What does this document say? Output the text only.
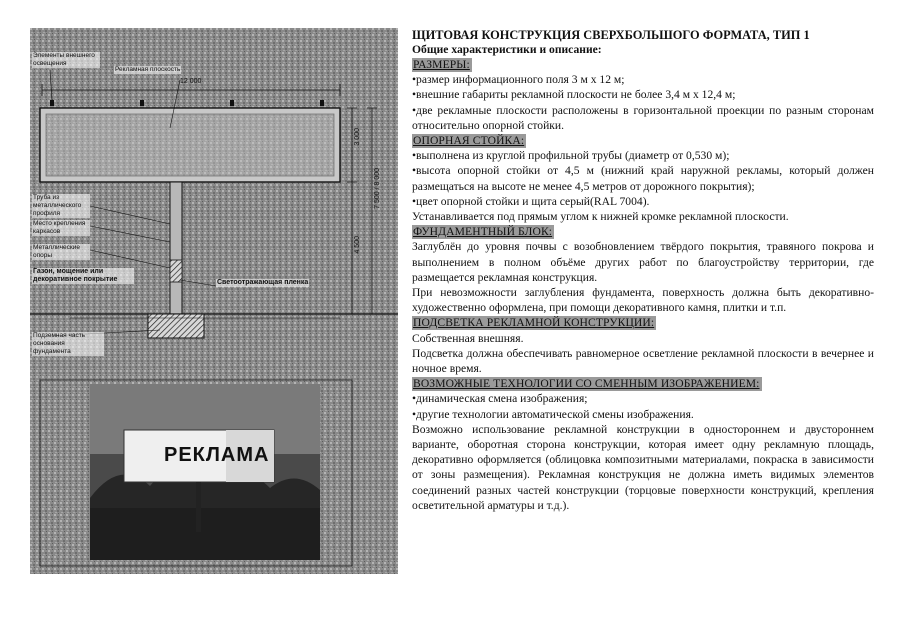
Элементы внешнего освещения
Рекламная плоскость
12 000
3 000
7 500 / 8 000
4 500
Труба из металлического профиля
Место крепления каркасов
Металлические опоры
Газон, мощение или декоративное покрытие	Светоотражающая пленка
Подземная часть основания фундамента
РЕКЛАМА

ЩИТОВАЯ КОНСТРУКЦИЯ СВЕРХБОЛЬШОГО ФОРМАТА, ТИП 1

Общие характеристики и описание:

РАЗМЕРЫ:

•размер информационного поля 3 м х 12 м;

•внешние габариты рекламной плоскости не более 3,4 м х 12,4 м;

•две рекламные плоскости расположены в горизонтальной проекции по разным сторонам относительно опорной стойки.

ОПОРНАЯ СТОЙКА:

•выполнена из круглой профильной трубы (диаметр от 0,530 м);

•высота опорной стойки от 4,5 м (нижний край наружной рекламы, который должен размещаться на высоте не менее 4,5 метров от дорожного покрытия);

•цвет опорной стойки и щита серый(RAL 7004).

Устанавливается под прямым углом к нижней кромке рекламной плоскости.

ФУНДАМЕНТНЫЙ БЛОК:

Заглублён до уровня почвы с возобновлением твёрдого покрытия, травяного покрова и выполнением в полном объёме других работ по благоустройству территории, где размещается рекламная конструкция.

При невозможности заглубления фундамента, поверхность должна быть декоративно-художественно оформлена, при помощи декоративного камня, плитки и т.п.

ПОДСВЕТКА РЕКЛАМНОЙ КОНСТРУКЦИИ:

Собственная внешняя.

Подсветка должна обеспечивать равномерное осветление рекламной плоскости в вечернее и ночное время.

ВОЗМОЖНЫЕ ТЕХНОЛОГИИ СО СМЕННЫМ ИЗОБРАЖЕНИЕМ:

•динамическая смена изображения;

•другие технологии автоматической смены изображения.

Возможно использование рекламной конструкции в одностороннем и двустороннем варианте, оборотная сторона конструкции, которая имеет одну рекламную площадь, декоративно оформляется (облицовка композитными материалами, покраска в зависимости от зоны размещения). Рекламная конструкция не должна иметь видимых элементов соединений разных частей конструкции (торцовые поверхности конструкций, крепления осветительной арматуры и т.д.).
